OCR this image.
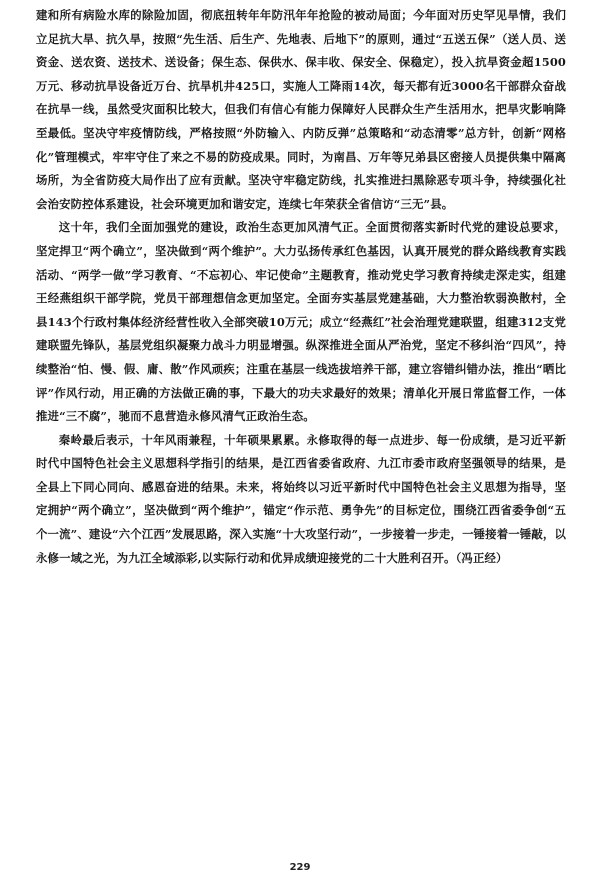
建和所有病险水库的除险加固，彻底扭转年年防汛年年抢险的被动局面；今年面对历史罕见旱情，我们立足抗大旱、抗久旱，按照“先生活、后生产、先地表、后地下”的原则，通过“五送五保”（送人员、送资金、送农资、送技术、送设备；保生态、保供水、保丰收、保安全、保稳定），投入抗旱资金超1500万元、移动抗旱设备近万台、抗旱机井425口，实施人工降雨14次，每天都有近3000名干部群众奋战在抗旱一线，虽然受灾面积比较大，但我们有信心有能力保障好人民群众生产生活用水，把旱灾影响降至最低。坚决守牢疫情防线，严格按照“外防输入、内防反弹”总策略和“动态清零”总方针，创新“网格化”管理模式，牢牢守住了来之不易的防疫成果。同时，为南昌、万年等兄弟县区密接人员提供集中隔离场所，为全省防疫大局作出了应有贡献。坚决守牢稳定防线，扎实推进扫黑除恶专项斗争，持续强化社会治安防控体系建设，社会环境更加和谐安定，连续七年荣获全省信访“三无”县。

这十年，我们全面加强党的建设，政治生态更加风清气正。全面贯彻落实新时代党的建设总要求，坚定捍卫“两个确立”，坚决做到“两个维护”。大力弘扬传承红色基因，认真开展党的群众路线教育实践活动、“两学一做”学习教育、“不忘初心、牢记使命”主题教育，推动党史学习教育持续走深走实，组建王经燕组织干部学院，党员干部理想信念更加坚定。全面夯实基层党建基础，大力整治软弱涣散村，全县143个行政村集体经济经营性收入全部突破10万元；成立“经燕红”社会治理党建联盟，组建312支党建联盟先锋队，基层党组织凝聚力战斗力明显增强。纵深推进全面从严治党，坚定不移纠治“四风”，持续整治“怕、慢、假、庸、散”作风顽疾；注重在基层一线选拔培养干部，建立容错纠错办法，推出“晒比评”作风行动，用正确的方法做正确的事，下最大的功夫求最好的效果；清单化开展日常监督工作，一体推进“三不腐”，驰而不息营造永修风清气正政治生态。

秦岭最后表示，十年风雨兼程，十年硕果累累。永修取得的每一点进步、每一份成绩，是习近平新时代中国特色社会主义思想科学指引的结果，是江西省委省政府、九江市委市政府坚强领导的结果，是全县上下同心同向、感恩奋进的结果。未来，将始终以习近平新时代中国特色社会主义思想为指导，坚定拥护“两个确立”，坚决做到“两个维护”，锚定“作示范、勇争先”的目标定位，围绕江西省委争创“五个一流”、建设“六个江西”发展思路，深入实施“十大攻坚行动”，一步接着一步走，一锤接着一锤敲，以永修一域之光，为九江全域添彩,以实际行动和优异成绩迎接党的二十大胜利召开。（冯正经）

229
